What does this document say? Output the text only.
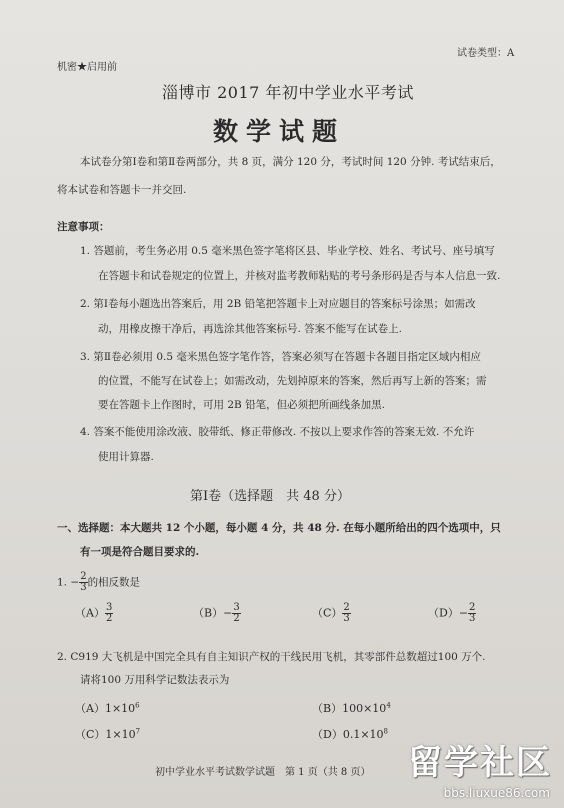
机密★启用前
试卷类型：A
淄博市 2017 年初中学业水平考试
数学试题
本试卷分第Ⅰ卷和第Ⅱ卷两部分，共 8 页，满分 120 分，考试时间 120 分钟. 考试结束后，
将本试卷和答题卡一并交回.
注意事项：
1. 答题前，考生务必用 0.5 毫米黑色签字笔将区县、毕业学校、姓名、考试号、座号填写
在答题卡和试卷规定的位置上，并核对监考教师粘贴的考号条形码是否与本人信息一致.
2. 第Ⅰ卷每小题选出答案后，用 2B 铅笔把答题卡上对应题目的答案标号涂黑；如需改
动，用橡皮擦干净后，再选涂其他答案标号. 答案不能写在试卷上.
3. 第Ⅱ卷必须用 0.5 毫米黑色签字笔作答，答案必须写在答题卡各题目指定区域内相应
的位置，不能写在试卷上；如需改动，先划掉原来的答案，然后再写上新的答案；需
要在答题卡上作图时，可用 2B 铅笔，但必须把所画线条加黑.
4. 答案不能使用涂改液、胶带纸、修正带修改. 不按以上要求作答的答案无效. 不允许
使用计算器.
第Ⅰ卷（选择题　共 48 分）
一、选择题：本大题共 12 个小题，每小题 4 分，共 48 分. 在每小题所给出的四个选项中，只
有一项是符合题目要求的.
1. − $\frac{2}{3}$ 的相反数是
$(A) \frac{3}{2}$	$(B)- \frac{3}{2}$	$(C) \frac{2}{3}$	$(D)- \frac{2}{3}$
2. C919 大飞机是中国完全具有自主知识产权的干线民用飞机，其零部件总数超过100 万个.
请将100 万用科学记数法表示为
$(A)1\times 10^6$	$(B)100\times 10^4$
$(C)1\times 10^7$	$(D)0.1\times 10^8$
初中学业水平考试数学试题　第 1 页（共 8 页） 留学社区
bbs.liuxue86.com
